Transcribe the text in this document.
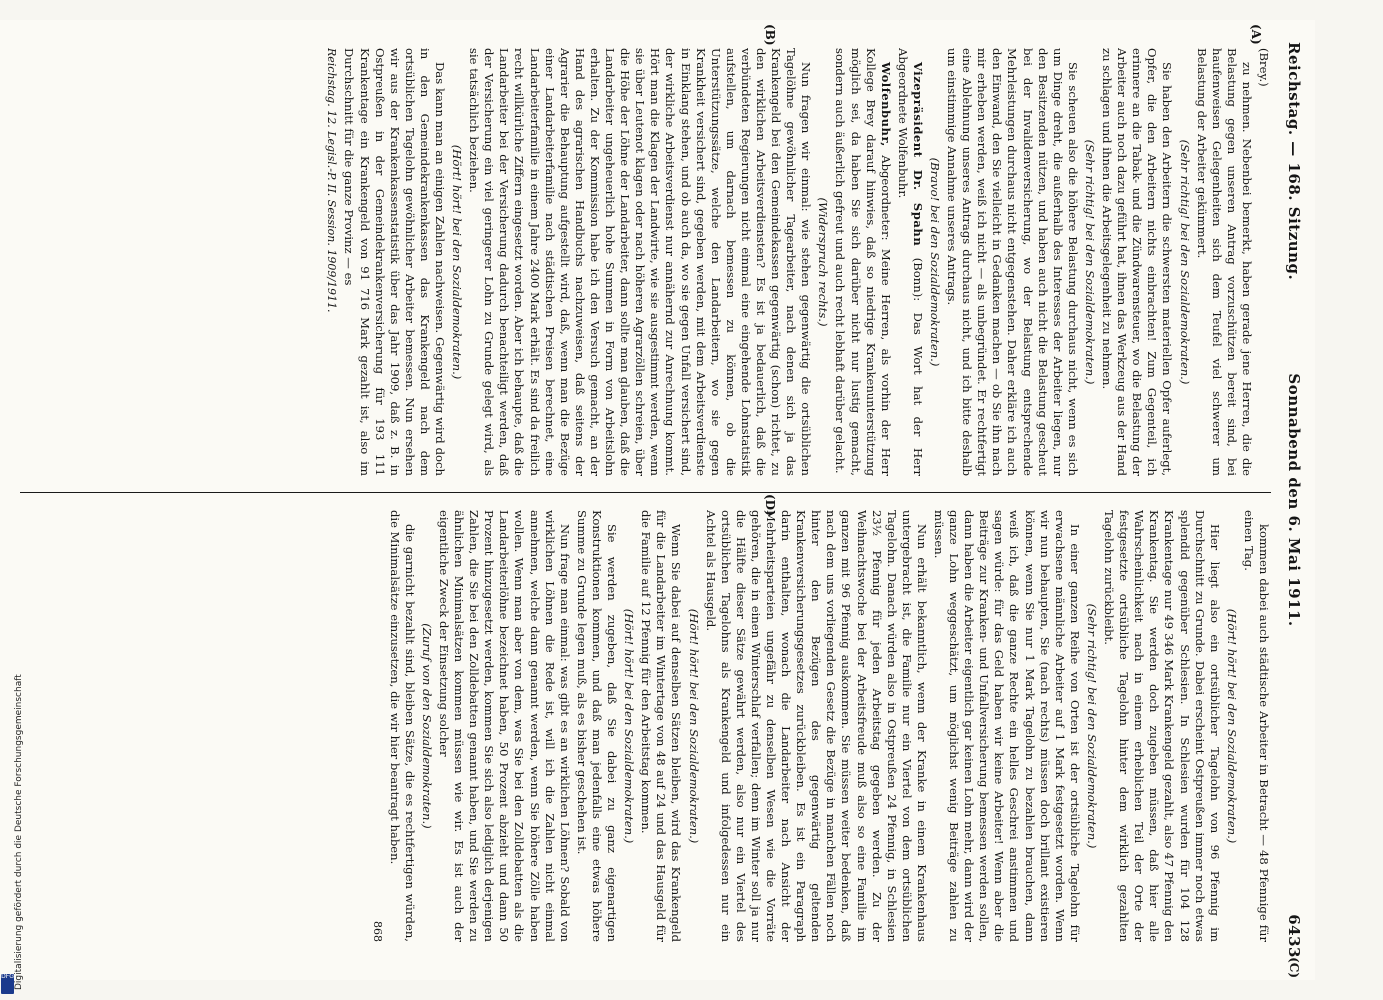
Reichstag. — 168. Sitzung.
Sonnabend den 6. Mai 1911.
6433
(A)
(B)
(C)
(D)

(Brey.)

zu nehmen. Nebenbei bemerkt, haben gerade jene Herren, die die Belastung gegen unseren Antrag vorzuschützen bereit sind, bei haufenweisen Gelegenheiten sich dem Teufel viel schwerer um Belastung der Arbeiter gekümmert.

(Sehr richtig! bei den Sozialdemokraten.)

Sie haben den Arbeitern die schwersten materiellen Opfer auferlegt, Opfer, die den Arbeitern nichts einbrachten! Zum Gegenteil, ich erinnere an die Tabak- und die Zündwarensteuer, wo die Belastung der Arbeiter auch noch dazu geführt hat, ihnen das Werkzeug aus der Hand zu schlagen und ihnen die Arbeitsgelegenheit zu nehmen.

(Sehr richtig! bei den Sozialdemokraten.)

Sie scheuen also die höhere Belastung durchaus nicht, wenn es sich um Dinge dreht, die außerhalb des Interesses der Arbeiter liegen, nur den Besitzenden nützen, und haben auch nicht die Belastung gescheut bei der Invalidenversicherung, wo der Belastung entsprechende Mehrleistungen durchaus nicht entgegenstehen. Daher erkläre ich auch den Einwand, den Sie vielleicht in Gedanken machen — ob Sie ihn nach mir erheben werden, weiß ich nicht — als unbegründet. Er rechtfertigt eine Ablehnung unseres Antrags durchaus nicht, und ich bitte deshalb um einstimmige Annahme unseres Antrags.

(Bravo! bei den Sozialdemokraten.)

Vizepräsident Dr. Spahn (Bonn): Das Wort hat der Herr Abgeordnete Wolfenbuhr.

Wolfenbuhr, Abgeordneter: Meine Herren, als vorhin der Herr Kollege Brey darauf hinwies, daß so niedrige Krankenunterstützung möglich sei, da haben Sie sich darüber nicht nur lustig gemacht, sondern auch äußerlich gefreut und auch recht lebhaft darüber gelacht.

(Widerspruch rechts.)

Nun fragen wir einmal: wie stehen gegenwärtig die ortsüblichen Tagelöhne gewöhnlicher Tagearbeiter, nach denen sich ja das Krankengeld bei den Gemeindekassen gegenwärtig (schon) richtet, zu den wirklichen Arbeitsverdiensten? Es ist ja bedauerlich, daß die verbündeten Regierungen nicht einmal eine eingehende Lohnstatistik aufstellen, um darnach bemessen zu können, ob die Unterstützungssätze, welche den Landarbeitern, wo sie gegen Krankheit versichert sind, gegeben werden, mit dem Arbeitsverdienste in Einklang stehen, und ob auch da, wo sie gegen Unfall versichert sind, der wirkliche Arbeitsverdienst nur annähernd zur Anrechnung kommt. Hört man die Klagen der Landwirte, wie sie ausgestimmt werden, wenn sie über Leutenot klagen oder nach höheren Agrarzöllen schreien, über die Höhe der Löhne der Landarbeiter, dann sollte man glauben, daß die Landarbeiter ungeheuerlich hohe Summen in Form von Arbeitslohn erhalten. Zu der Kommission habe ich den Versuch gemacht, an der Hand des agrarischen Handbuchs nachzuweisen, daß seitens der Agrarier die Behauptung aufgestellt wird, daß, wenn man die Bezüge einer Landarbeiterfamilie nach städtischen Preisen berechnet, eine Landarbeiterfamilie in einem Jahre 2400 Mark erhält. Es sind da freilich recht willkürliche Ziffern eingesetzt worden. Aber ich behaupte, daß die Landarbeiter bei der Versicherung dadurch benachteiligt werden, daß der Versicherung ein viel geringerer Lohn zu Grunde gelegt wird, als sie tatsächlich beziehen.

(Hört! hört! bei den Sozialdemokraten.)

Das kann man an einigen Zahlen nachweisen. Gegenwärtig wird doch in den Gemeindekrankenkassen das Krankengeld nach dem ortsüblichen Tagelohn gewöhnlicher Arbeiter bemessen. Nun ersehen wir aus der Krankenkassenstatistik über das Jahr 1909, daß z. B. in Ostpreußen in der Gemeindekrankenversicherung für 193 111 Krankentage ein Krankengeld von 91 716 Mark gezahlt ist, also im Durchschnitt für die ganze Provinz — es

Reichstag. 12. Legisl.-P. II. Session. 1909/1911.

kommen dabei auch städtische Arbeiter in Betracht — 48 Pfennige für einen Tag.

(Hört! hört! bei den Sozialdemokraten.)

Hier liegt also ein ortsüblicher Tagelohn von 96 Pfennig im Durchschnitt zu Grunde. Dabei erscheint Ostpreußen immer noch etwas splendid gegenüber Schlesien. In Schlesien wurden für 104 128 Krankentage nur 49 346 Mark Krankengeld gezahlt, also 47 Pfennig den Krankentag. Sie werden doch zugeben müssen, daß hier alle Wahrscheinlichkeit nach in einem erheblichen Teil der Orte der festgesetzte ortsübliche Tagelohn hinter dem wirklich gezahlten Tagelohn zurückbleibt.

(Sehr richtig! bei den Sozialdemokraten.)

In einer ganzen Reihe von Orten ist der ortsübliche Tagelohn für erwachsene männliche Arbeiter auf 1 Mark festgesetzt worden. Wenn wir nun behaupten, Sie (nach rechts) müssen doch brillant existieren können, wenn Sie nur 1 Mark Tagelohn zu bezahlen brauchen, dann weiß ich, daß die ganze Rechte ein helles Geschrei anstimmen und sagen würde: für das Geld haben wir keine Arbeiter! Wenn aber die Beiträge zur Kranken- und Unfallversicherung bemessen werden sollen, dann haben die Arbeiter eigentlich gar keinen Lohn mehr, dann wird der ganze Lohn weggeschätzt, um möglichst wenig Beiträge zahlen zu müssen.

Nun erhält bekanntlich, wenn der Kranke in einem Krankenhaus untergebracht ist, die Familie nur ein Viertel von dem ortsüblichen Tagelohn. Danach würden also in Ostpreußen 24 Pfennig, in Schlesien 23½ Pfennig für jeden Arbeitstag gegeben werden. Zu der Weihnachtswoche bei der Arbeitsfreude muß also so eine Familie im ganzen mit 96 Pfennig auskommen. Sie müssen weiter bedenken, daß nach dem uns vorliegenden Gesetz die Bezüge in manchen Fällen noch hinter den Bezügen des gegenwärtig geltenden Krankenversicherungsgesetzes zurückbleiben. Es ist ein Paragraph darin enthalten, wonach die Landarbeiter nach Ansicht der Mehrheitsparteien ungefähr zu denselben Wesen wie die Vorräte gehören, die in einen Winterschlaf verfallen; denn im Winter soll ja nur die Hälfte dieser Sätze gewährt werden, also nur ein Viertel des ortsüblichen Tagelohns als Krankengeld und infolgedessen nur ein Achtel als Hausgeld.

(Hört! hört! bei den Sozialdemokraten.)

Wenn Sie dabei auf denselben Sätzen bleiben, wird das Krankengeld für die Landarbeiter im Wintertage von 48 auf 24 und das Hausgeld für die Familie auf 12 Pfennig für den Arbeitstag kommen.

(Hört! hört! bei den Sozialdemokraten.)

Sie werden zugeben, daß Sie dabei zu ganz eigenartigen Konstruktionen kommen, und daß man jedenfalls eine etwas höhere Summe zu Grunde legen muß, als es bisher geschehen ist.

Nun frage man einmal: was gibt es an wirklichen Löhnen? Sobald von wirklichen Löhnen die Rede ist, will ich die Zahlen nicht einmal annehmen, welche dann genannt werden, wenn Sie höhere Zölle haben wollen. Wenn man aber von dem, was Sie bei den Zolldebatten als die Landarbeiterlöhne bezeichnet haben, 50 Prozent abzieht und dann 50 Prozent hinzugesetzt werden, kommen Sie sich also lediglich derjenigen Zahlen, die Sie bei den Zolldebatten genannt haben, und Sie werden zu ähnlichen Minimalsätzen kommen müssen wie wir. Es ist auch der eigentliche Zweck der Einsetzung solcher

(Zuruf von den Sozialdemokraten.)

die garnicht bezahlt sind, bleiben Sätze, die es rechtfertigen würden, die Minimalsätze einzusetzen, die wir hier beantragt haben.

868

Digitalisierung gefördert durch die Deutsche Forschungsgemeinschaft
DFG
